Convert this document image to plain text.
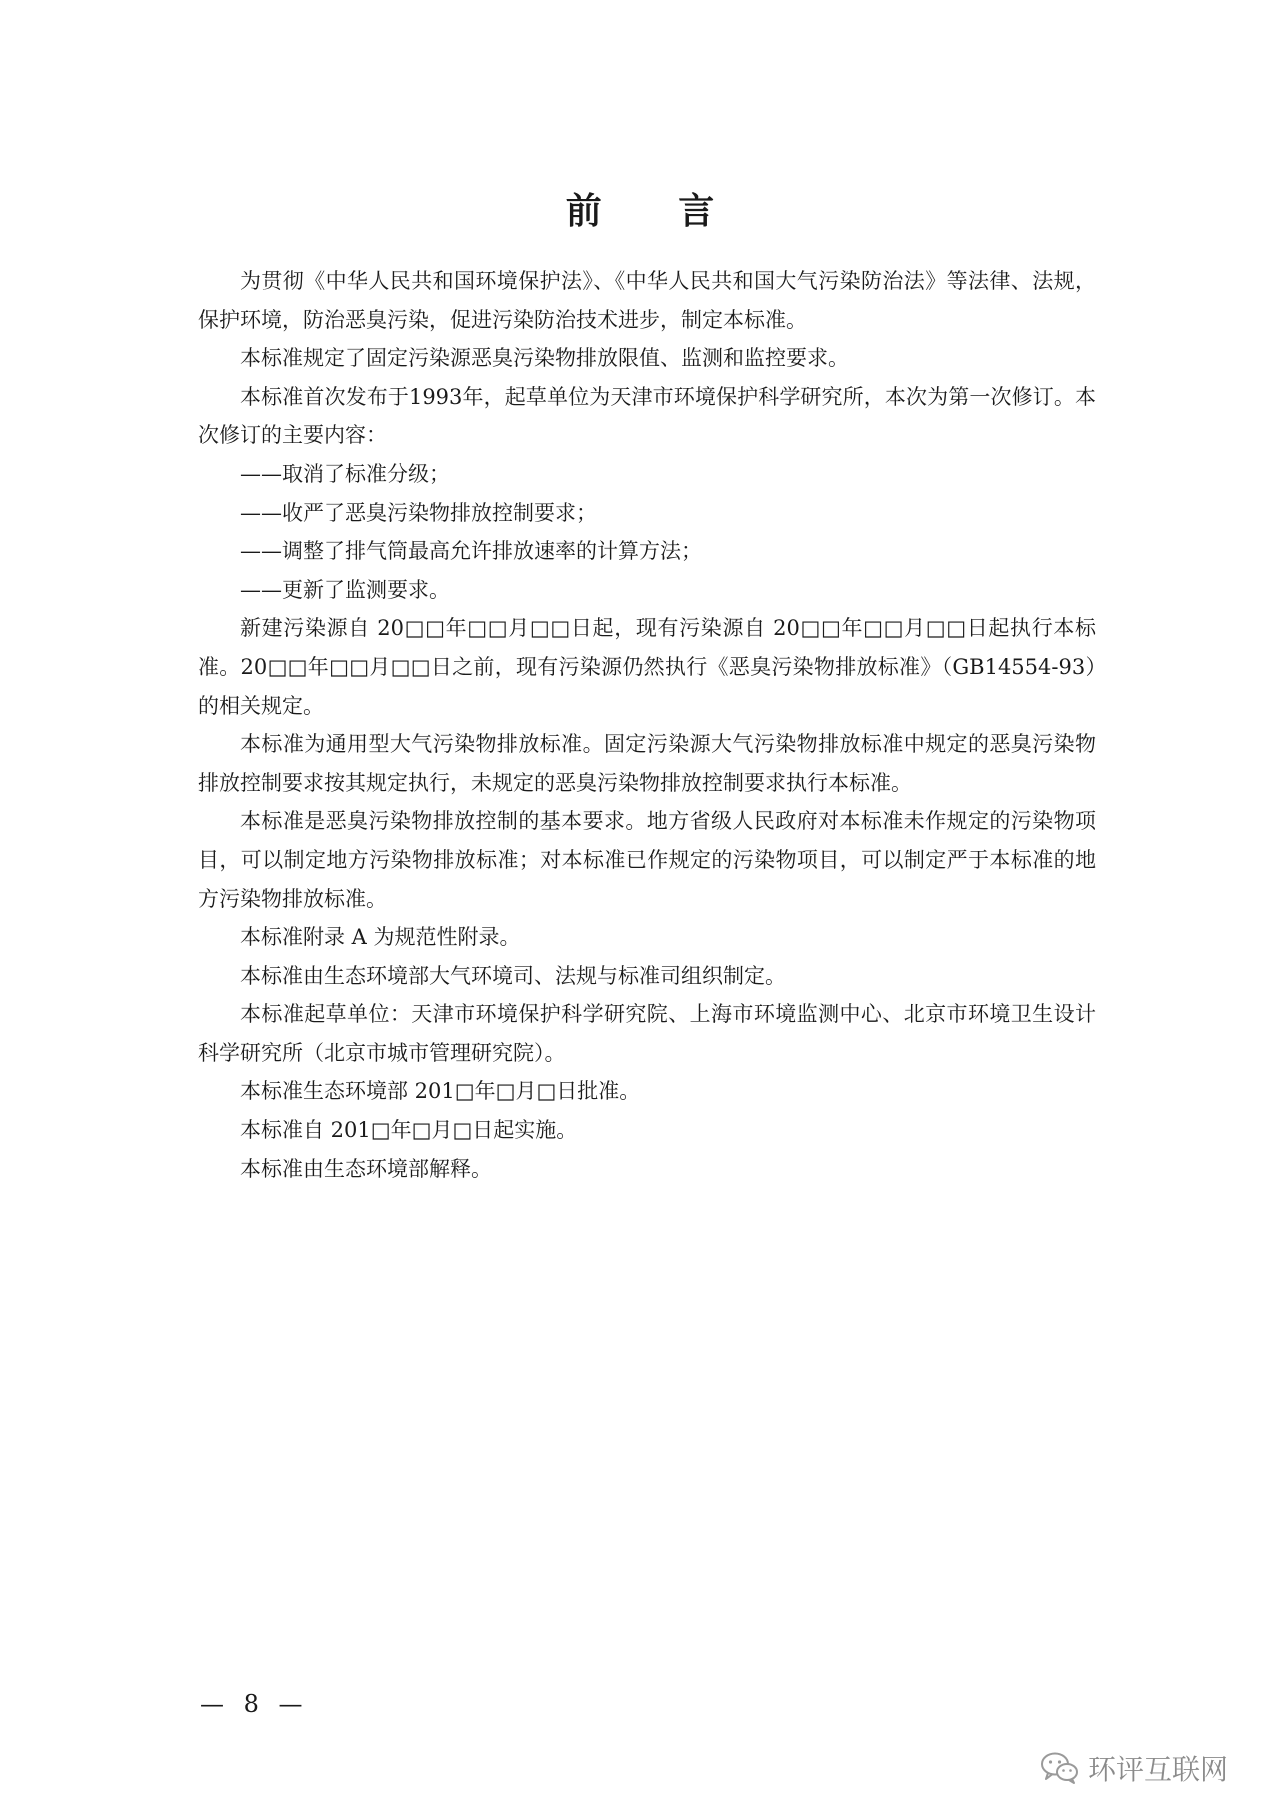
前 言

为贯彻《中华人民共和国环境保护法》、《中华人民共和国大气污染防治法》等法律、法规，保护环境，防治恶臭污染，促进污染防治技术进步，制定本标准。

本标准规定了固定污染源恶臭污染物排放限值、监测和监控要求。

本标准首次发布于1993年，起草单位为天津市环境保护科学研究所，本次为第一次修订。本次修订的主要内容：

——取消了标准分级；

——收严了恶臭污染物排放控制要求；

——调整了排气筒最高允许排放速率的计算方法；

——更新了监测要求。

新建污染源自 20□□年□□月□□日起，现有污染源自 20□□年□□月□□日起执行本标准。20□□年□□月□□日之前，现有污染源仍然执行《恶臭污染物排放标准》（GB14554-93）的相关规定。

本标准为通用型大气污染物排放标准。固定污染源大气污染物排放标准中规定的恶臭污染物排放控制要求按其规定执行，未规定的恶臭污染物排放控制要求执行本标准。

本标准是恶臭污染物排放控制的基本要求。地方省级人民政府对本标准未作规定的污染物项目，可以制定地方污染物排放标准；对本标准已作规定的污染物项目，可以制定严于本标准的地方污染物排放标准。

本标准附录 A 为规范性附录。

本标准由生态环境部大气环境司、法规与标准司组织制定。

本标准起草单位：天津市环境保护科学研究院、上海市环境监测中心、北京市环境卫生设计科学研究所（北京市城市管理研究院）。

本标准生态环境部 201□年□月□日批准。

本标准自 201□年□月□日起实施。

本标准由生态环境部解释。

— 8 —
环评互联网
